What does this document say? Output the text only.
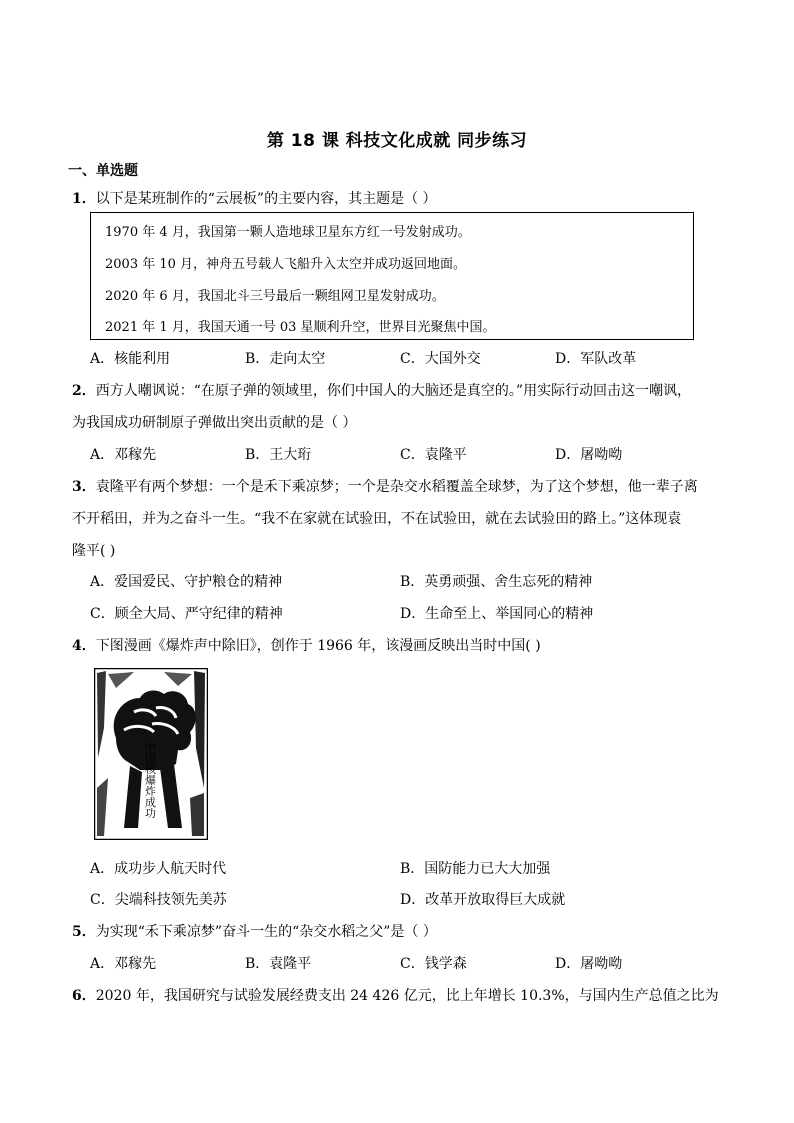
第 18 课 科技文化成就 同步练习
一、单选题
1．以下是某班制作的“云展板”的主要内容，其主题是（ ）
1970 年 4 月，我国第一颗人造地球卫星东方红一号发射成功。
2003 年 10 月，神舟五号载人飞船升入太空并成功返回地面。
2020 年 6 月，我国北斗三号最后一颗组网卫星发射成功。
2021 年 1 月，我国天通一号 03 星顺利升空，世界目光聚焦中国。
A．核能利用	B．走向太空	C．大国外交	D．军队改革
2．西方人嘲讽说：“在原子弹的领域里，你们中国人的大脑还是真空的。”用实际行动回击这一嘲讽，
为我国成功研制原子弹做出突出贡献的是（ ）
A．邓稼先	B．王大珩	C．袁隆平	D．屠呦呦
3．袁隆平有两个梦想：一个是禾下乘凉梦；一个是杂交水稻覆盖全球梦，为了这个梦想，他一辈子离
不开稻田，并为之奋斗一生。“我不在家就在试验田，不在试验田，就在去试验田的路上。”这体现袁
隆平( )
A．爱国爱民、守护粮仓的精神	B．英勇顽强、舍生忘死的精神
C．顾全大局、严守纪律的精神	D．生命至上、举国同心的精神
4．下图漫画《爆炸声中除旧》，创作于 1966 年，该漫画反映出当时中国( )
中国核爆炸成功
A．成功步人航天时代	B．国防能力已大大加强
C．尖端科技领先美苏	D．改革开放取得巨大成就
5．为实现“禾下乘凉梦”奋斗一生的“杂交水稻之父”是（ ）
A．邓稼先	B．袁隆平	C．钱学森	D．屠呦呦
6．2020 年，我国研究与试验发展经费支出 24 426 亿元，比上年增长 10.3%，与国内生产总值之比为
